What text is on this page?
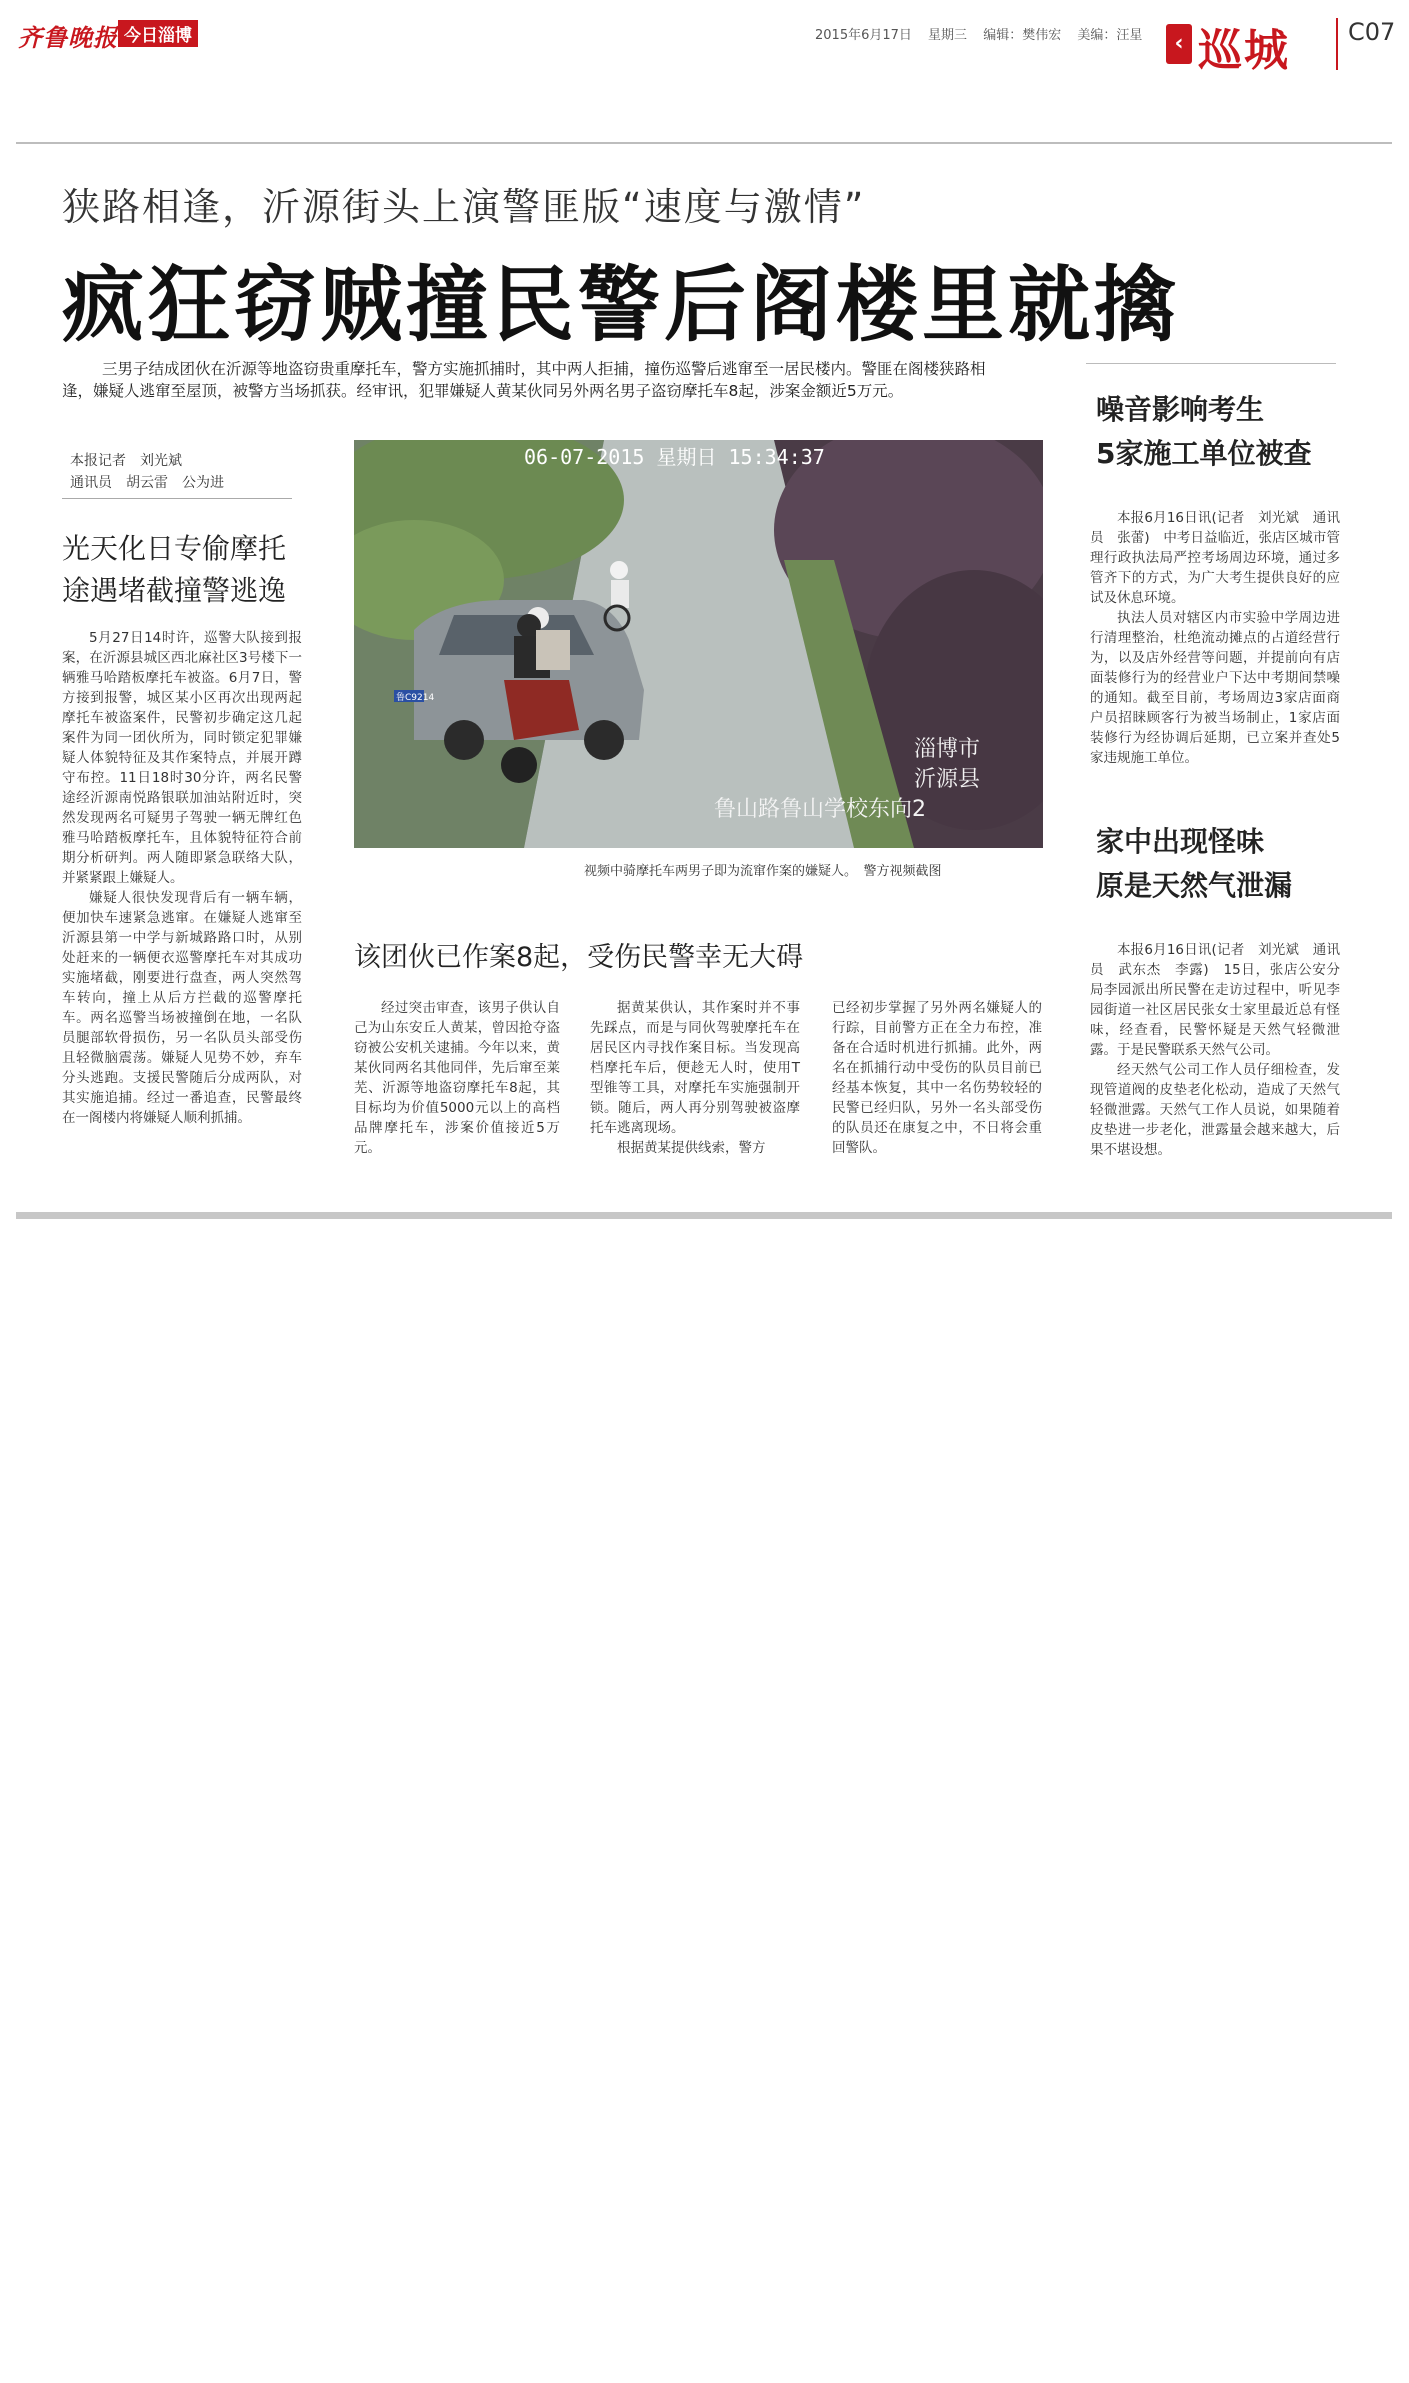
齐鲁晚报 今日淄博	2015年6月17日 星期三 编辑：樊伟宏 美编：汪星	‹ 巡城 C07
狭路相逢，沂源街头上演警匪版“速度与激情”
疯狂窃贼撞民警后阁楼里就擒
三男子结成团伙在沂源等地盗窃贵重摩托车，警方实施抓捕时，其中两人拒捕，撞伤巡警后逃窜至一居民楼内。警匪在阁楼狭路相逢，嫌疑人逃窜至屋顶，被警方当场抓获。经审讯，犯罪嫌疑人黄某伙同另外两名男子盗窃摩托车8起，涉案金额近5万元。
本报记者　刘光斌
通讯员　胡云雷　公为进
光天化日专偷摩托途遇堵截撞警逃逸

5月27日14时许，巡警大队接到报案，在沂源县城区西北麻社区3号楼下一辆雅马哈踏板摩托车被盗。6月7日，警方接到报警，城区某小区再次出现两起摩托车被盗案件，民警初步确定这几起案件为同一团伙所为，同时锁定犯罪嫌疑人体貌特征及其作案特点，并展开蹲守布控。11日18时30分许，两名民警途经沂源南悦路银联加油站附近时，突然发现两名可疑男子驾驶一辆无牌红色雅马哈踏板摩托车，且体貌特征符合前期分析研判。两人随即紧急联络大队，并紧紧跟上嫌疑人。

嫌疑人很快发现背后有一辆车辆，便加快车速紧急逃窜。在嫌疑人逃窜至沂源县第一中学与新城路路口时，从别处赶来的一辆便衣巡警摩托车对其成功实施堵截，刚要进行盘查，两人突然驾车转向，撞上从后方拦截的巡警摩托车。两名巡警当场被撞倒在地，一名队员腿部软骨损伤，另一名队员头部受伤且轻微脑震荡。嫌疑人见势不妙，弃车分头逃跑。支援民警随后分成两队，对其实施追捕。经过一番追查，民警最终在一阁楼内将嫌疑人顺利抓捕。

06-07-2015 星期日 15:34:37
淄博市
沂源县
鲁山路鲁山学校东向2
鲁C9214
视频中骑摩托车两男子即为流窜作案的嫌疑人。　警方视频截图
该团伙已作案8起，受伤民警幸无大碍

经过突击审查，该男子供认自己为山东安丘人黄某，曾因抢夺盗窃被公安机关逮捕。今年以来，黄某伙同两名其他同伴，先后窜至莱芜、沂源等地盗窃摩托车8起，其目标均为价值5000元以上的高档品牌摩托车，涉案价值接近5万元。

据黄某供认，其作案时并不事先踩点，而是与同伙驾驶摩托车在居民区内寻找作案目标。当发现高档摩托车后，便趁无人时，使用T型锥等工具，对摩托车实施强制开锁。随后，两人再分别驾驶被盗摩托车逃离现场。

根据黄某提供线索，警方

已经初步掌握了另外两名嫌疑人的行踪，目前警方正在全力布控，准备在合适时机进行抓捕。此外，两名在抓捕行动中受伤的队员目前已经基本恢复，其中一名伤势较轻的民警已经归队，另外一名头部受伤的队员还在康复之中，不日将会重回警队。

噪音影响考生
5家施工单位被查

本报6月16日讯(记者　刘光斌　通讯员　张蕾)　中考日益临近，张店区城市管理行政执法局严控考场周边环境，通过多管齐下的方式，为广大考生提供良好的应试及休息环境。

执法人员对辖区内市实验中学周边进行清理整治，杜绝流动摊点的占道经营行为，以及店外经营等问题，并提前向有店面装修行为的经营业户下达中考期间禁噪的通知。截至目前，考场周边3家店面商户员招睐顾客行为被当场制止，1家店面装修行为经协调后延期，已立案并查处5家违规施工单位。

家中出现怪味
原是天然气泄漏

本报6月16日讯(记者　刘光斌　通讯员　武东杰　李露)　15日，张店公安分局李园派出所民警在走访过程中，听见李园街道一社区居民张女士家里最近总有怪味，经查看，民警怀疑是天然气轻微泄露。于是民警联系天然气公司。

经天然气公司工作人员仔细检查，发现管道阀的皮垫老化松动，造成了天然气轻微泄露。天然气工作人员说，如果随着皮垫进一步老化，泄露量会越来越大，后果不堪设想。
